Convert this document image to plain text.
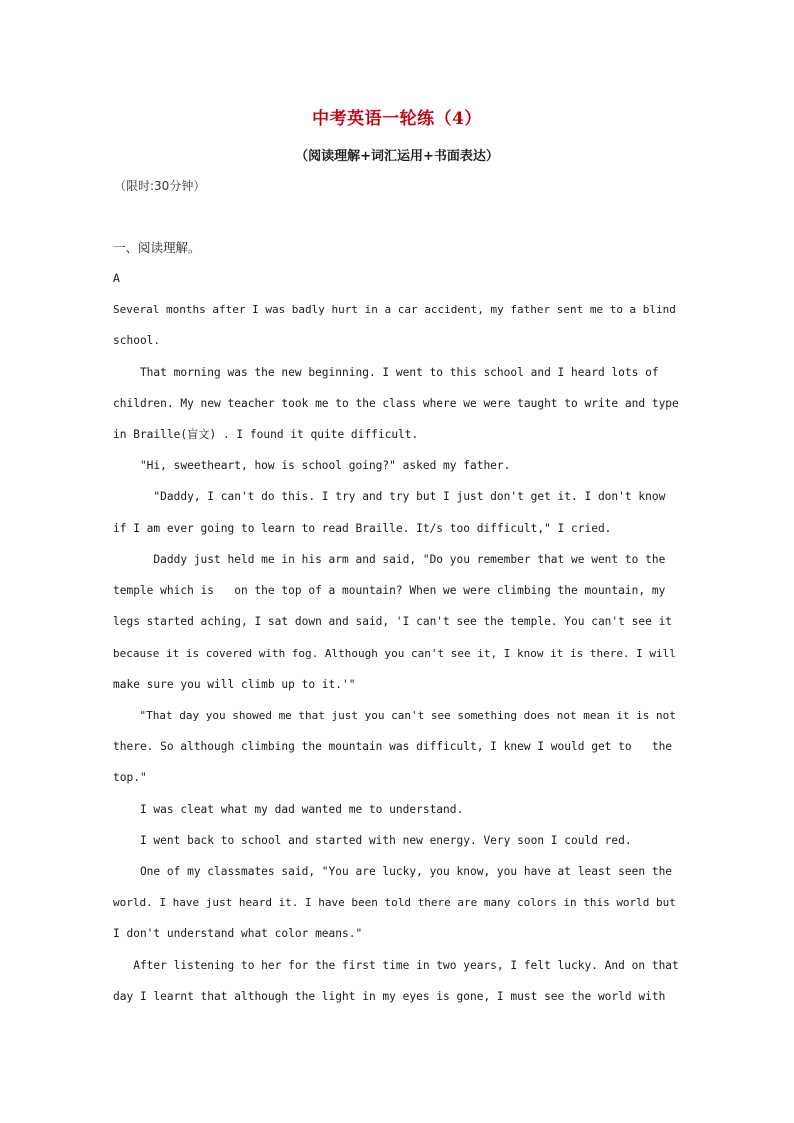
中考英语一轮练（4）
（阅读理解+词汇运用+书面表达）
（限时:30分钟）
一、阅读理解。
A
Several months after I was badly hurt in a car accident, my father sent me to a blind
school.
That morning was the new beginning. I went to this school and I heard lots of
children. My new teacher took me to the class where we were taught to write and type
in Braille(盲文) . I found it quite difficult.
"Hi, sweetheart, how is school going?" asked my father.
"Daddy, I can't do this. I try and try but I just don't get it. I don't know
if I am ever going to learn to read Braille. It/s too difficult," I cried.
Daddy just held me in his arm and said, "Do you remember that we went to the
temple which is   on the top of a mountain? When we were climbing the mountain, my
legs started aching, I sat down and said, 'I can't see the temple. You can't see it
because it is covered with fog. Although you can't see it, I know it is there. I will
make sure you will climb up to it.'"
"That day you showed me that just you can't see something does not mean it is not
there. So although climbing the mountain was difficult, I knew I would get to   the
top."
I was cleat what my dad wanted me to understand.
I went back to school and started with new energy. Very soon I could red.
One of my classmates said, "You are lucky, you know, you have at least seen the
world. I have just heard it. I have been told there are many colors in this world but
I don't understand what color means."
After listening to her for the first time in two years, I felt lucky. And on that
day I learnt that although the light in my eyes is gone, I must see the world with
